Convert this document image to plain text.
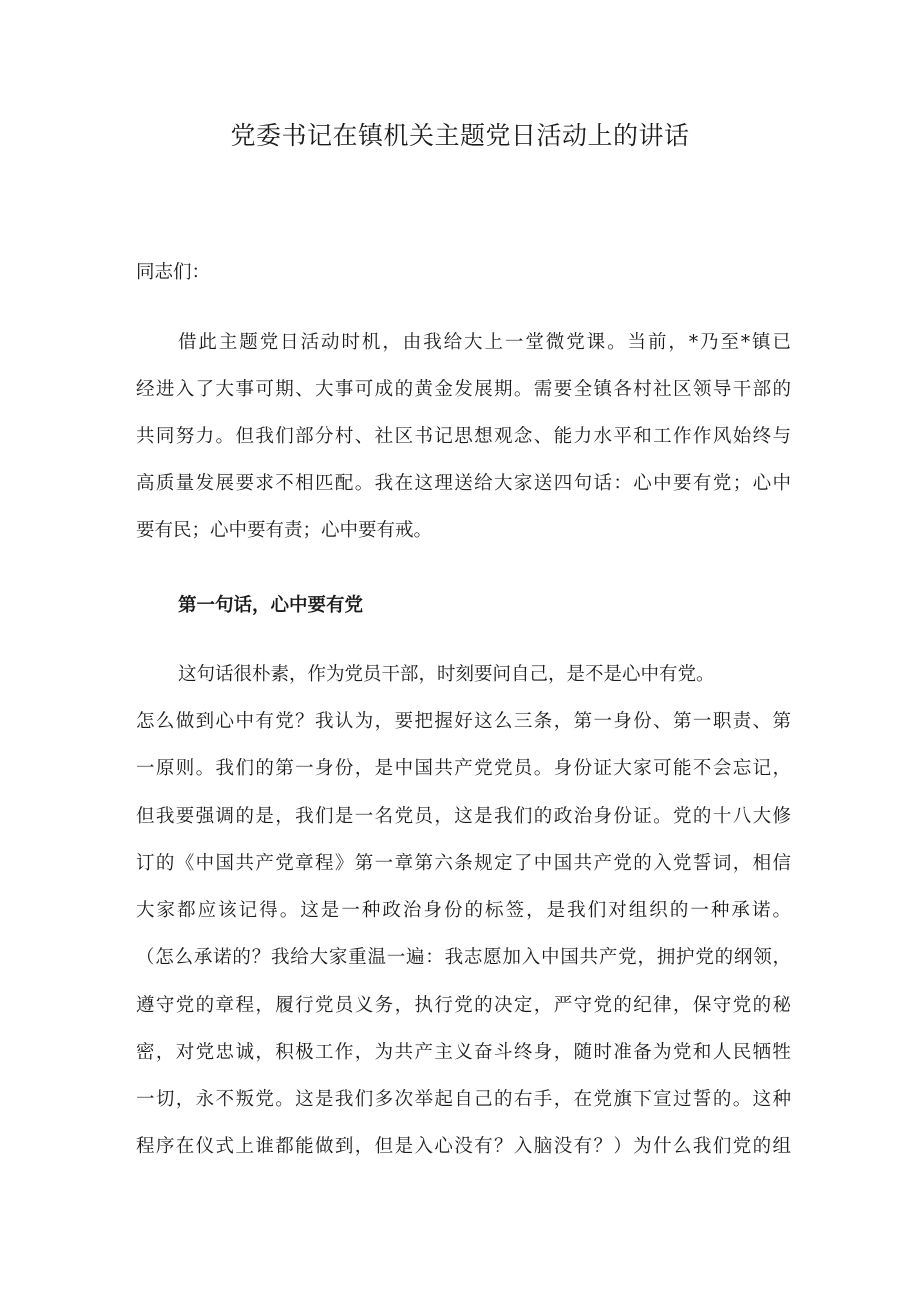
党委书记在镇机关主题党日活动上的讲话

同志们：

借此主题党日活动时机，由我给大上一堂微党课。当前，*乃至*镇已

经进入了大事可期、大事可成的黄金发展期。需要全镇各村社区领导干部的

共同努力。但我们部分村、社区书记思想观念、能力水平和工作作风始终与

高质量发展要求不相匹配。我在这理送给大家送四句话：心中要有党；心中

要有民；心中要有责；心中要有戒。

第一句话，心中要有党

这句话很朴素，作为党员干部，时刻要问自己，是不是心中有党。

怎么做到心中有党？我认为，要把握好这么三条，第一身份、第一职责、第

一原则。我们的第一身份，是中国共产党党员。身份证大家可能不会忘记，

但我要强调的是，我们是一名党员，这是我们的政治身份证。党的十八大修

订的《中国共产党章程》第一章第六条规定了中国共产党的入党誓词，相信

大家都应该记得。这是一种政治身份的标签，是我们对组织的一种承诺。

（怎么承诺的？我给大家重温一遍：我志愿加入中国共产党，拥护党的纲领，

遵守党的章程，履行党员义务，执行党的决定，严守党的纪律，保守党的秘

密，对党忠诚，积极工作，为共产主义奋斗终身，随时准备为党和人民牺牲

一切，永不叛党。这是我们多次举起自己的右手，在党旗下宣过誓的。这种

程序在仪式上谁都能做到，但是入心没有？入脑没有？）为什么我们党的组
